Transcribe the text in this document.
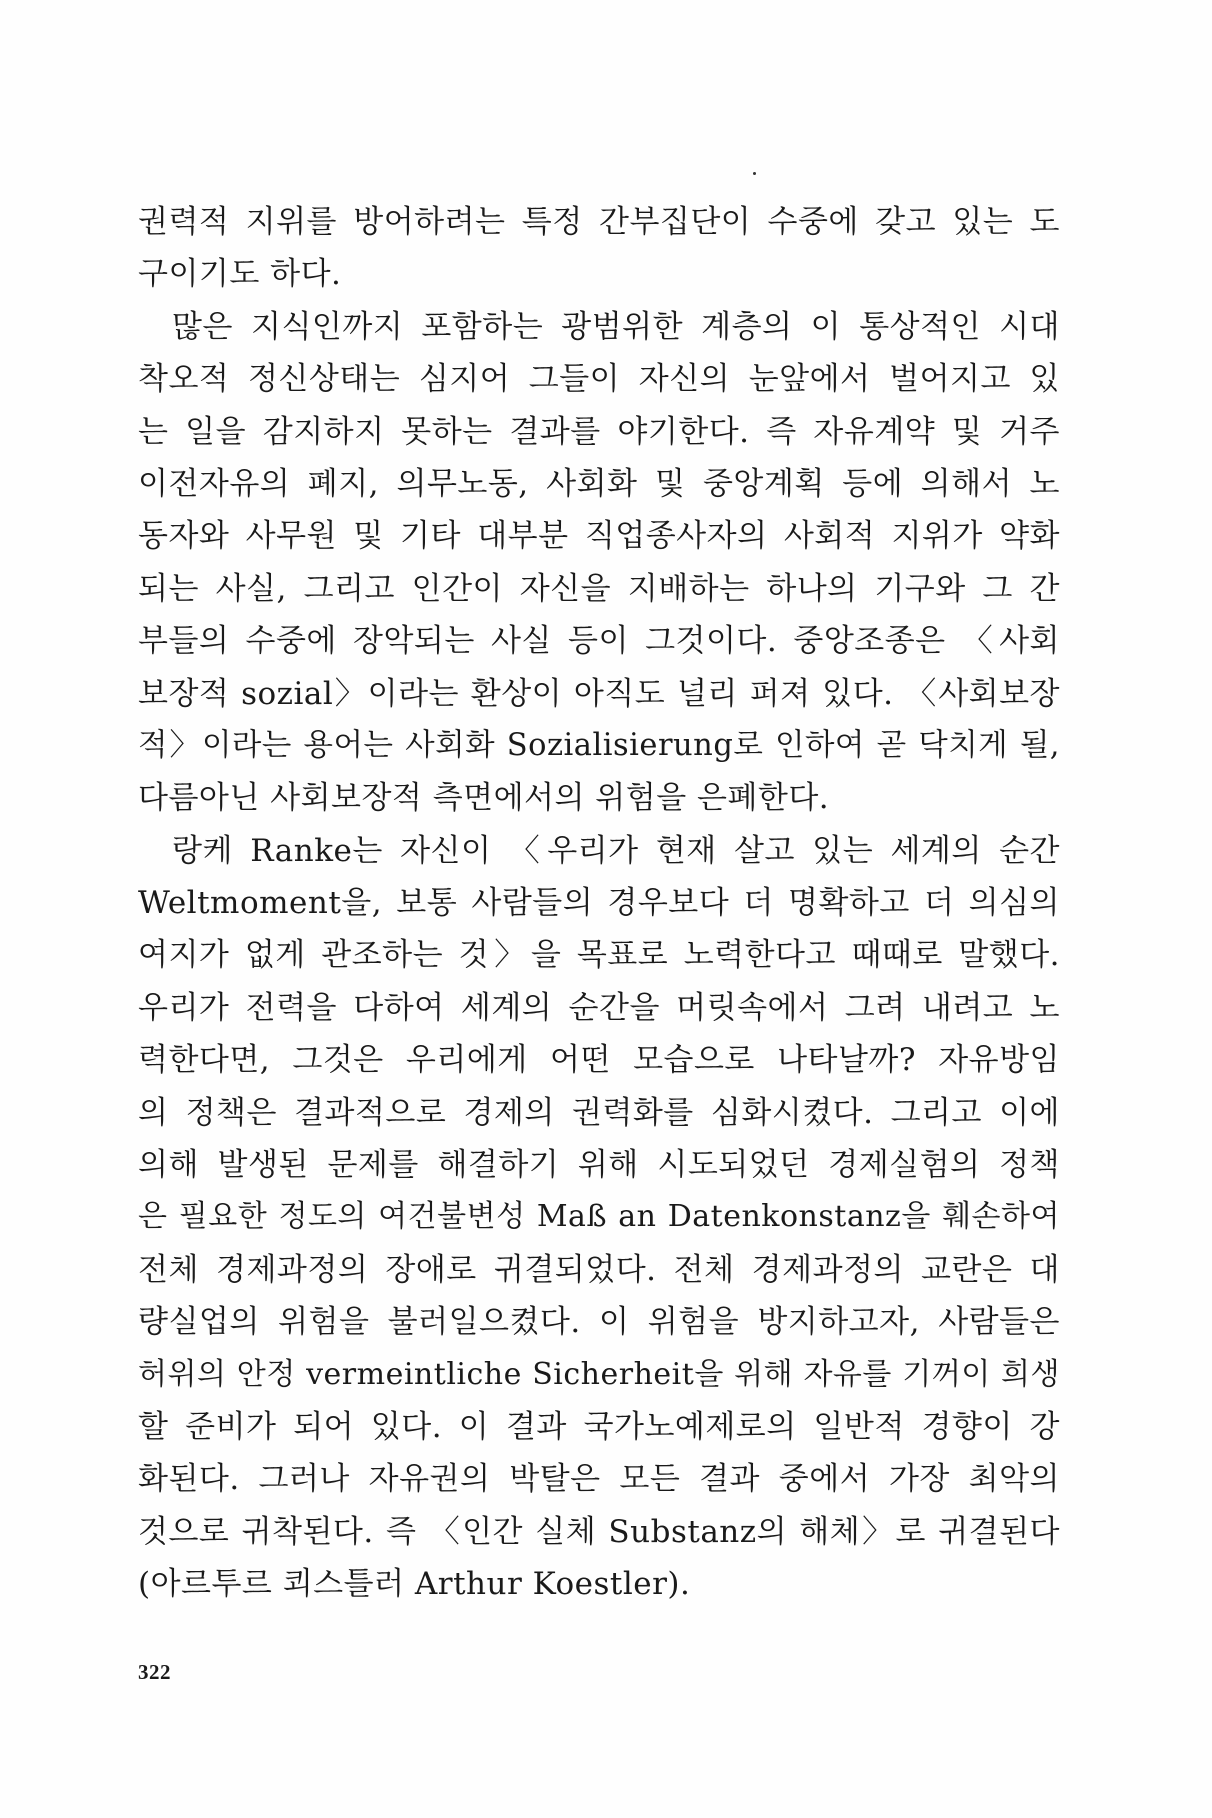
권력적 지위를 방어하려는 특정 간부집단이 수중에 갖고 있는 도
구이기도 하다.
많은 지식인까지 포함하는 광범위한 계층의 이 통상적인 시대
착오적 정신상태는 심지어 그들이 자신의 눈앞에서 벌어지고 있
는 일을 감지하지 못하는 결과를 야기한다. 즉 자유계약 및 거주
이전자유의 폐지, 의무노동, 사회화 및 중앙계획 등에 의해서 노
동자와 사무원 및 기타 대부분 직업종사자의 사회적 지위가 약화
되는 사실, 그리고 인간이 자신을 지배하는 하나의 기구와 그 간
부들의 수중에 장악되는 사실 등이 그것이다. 중앙조종은 〈사회
보장적 sozial〉이라는 환상이 아직도 널리 퍼져 있다. 〈사회보장
적〉이라는 용어는 사회화 Sozialisierung로 인하여 곧 닥치게 될,
다름아닌 사회보장적 측면에서의 위험을 은폐한다.
랑케 Ranke는 자신이 〈우리가 현재 살고 있는 세계의 순간
Weltmoment을, 보통 사람들의 경우보다 더 명확하고 더 의심의
여지가 없게 관조하는 것〉을 목표로 노력한다고 때때로 말했다.
우리가 전력을 다하여 세계의 순간을 머릿속에서 그려 내려고 노
력한다면, 그것은 우리에게 어떤 모습으로 나타날까? 자유방임
의 정책은 결과적으로 경제의 권력화를 심화시켰다. 그리고 이에
의해 발생된 문제를 해결하기 위해 시도되었던 경제실험의 정책
은 필요한 정도의 여건불변성 Maß an Datenkonstanz을 훼손하여
전체 경제과정의 장애로 귀결되었다. 전체 경제과정의 교란은 대
량실업의 위험을 불러일으켰다. 이 위험을 방지하고자, 사람들은
허위의 안정 vermeintliche Sicherheit을 위해 자유를 기꺼이 희생
할 준비가 되어 있다. 이 결과 국가노예제로의 일반적 경향이 강
화된다. 그러나 자유권의 박탈은 모든 결과 중에서 가장 최악의
것으로 귀착된다. 즉 〈인간 실체 Substanz의 해체〉로 귀결된다
(아르투르 쾨스틀러 Arthur Koestler).
322
